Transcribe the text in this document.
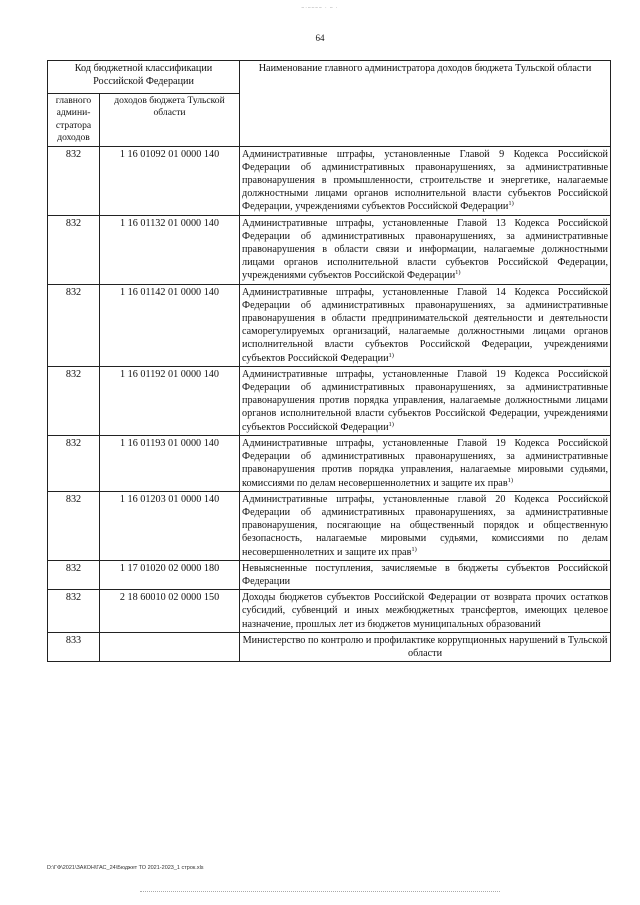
~·~~~~ · ~ ·
64
Код бюджетной классификации Российской Федерации		Наименование главного администратора доходов бюджета Тульской области
главного админи-стратора доходов	доходов бюджета Тульской области	
832	1 16 01092 01 0000 140	Административные штрафы, установленные Главой 9 Кодекса Российской Федерации об административных правонарушениях, за административные правонарушения в промышленности, строительстве и энергетике, налагаемые должностными лицами органов исполнительной власти субъектов Российской Федерации, учреждениями субъектов Российской Федерации$^{1)}$
832	1 16 01132 01 0000 140	Административные штрафы, установленные Главой 13 Кодекса Российской Федерации об административных правонарушениях, за административные правонарушения в области связи и информации, налагаемые должностными лицами органов исполнительной власти субъектов Российской Федерации, учреждениями субъектов Российской Федерации$^{1)}$
832	1 16 01142 01 0000 140	Административные штрафы, установленные Главой 14 Кодекса Российской Федерации об административных правонарушениях, за административные правонарушения в области предпринимательской деятельности и деятельности саморегулируемых организаций, налагаемые должностными лицами органов исполнительной власти субъектов Российской Федерации, учреждениями субъектов Российской Федерации$^{1)}$
832	1 16 01192 01 0000 140	Административные штрафы, установленные Главой 19 Кодекса Российской Федерации об административных правонарушениях, за административные правонарушения против порядка управления, налагаемые должностными лицами органов исполнительной власти субъектов Российской Федерации, учреждениями субъектов Российской Федерации$^{1)}$
832	1 16 01193 01 0000 140	Административные штрафы, установленные Главой 19 Кодекса Российской Федерации об административных правонарушениях, за административные правонарушения против порядка управления, налагаемые мировыми судьями, комиссиями по делам несовершеннолетних и защите их прав$^{1)}$
832	1 16 01203 01 0000 140	Административные штрафы, установленные главой 20 Кодекса Российской Федерации об административных правонарушениях, за административные правонарушения, посягающие на общественный порядок и общественную безопасность, налагаемые мировыми судьями, комиссиями по делам несовершеннолетних и защите их прав$^{1)}$
832	1 17 01020 02 0000 180	Невыясненные поступления, зачисляемые в бюджеты субъектов Российской Федерации
832	2 18 60010 02 0000 150	Доходы бюджетов субъектов Российской Федерации от возврата прочих остатков субсидий, субвенций и иных межбюджетных трансфертов, имеющих целевое назначение, прошлых лет из бюджетов муниципальных образований
833		Министерство по контролю и профилактике коррупционных нарушений в Тульской области
D:\ГФ\2021\ЗАКОН\ГАС_24\Бюджет ТО 2021-2023_1 строк.xls
